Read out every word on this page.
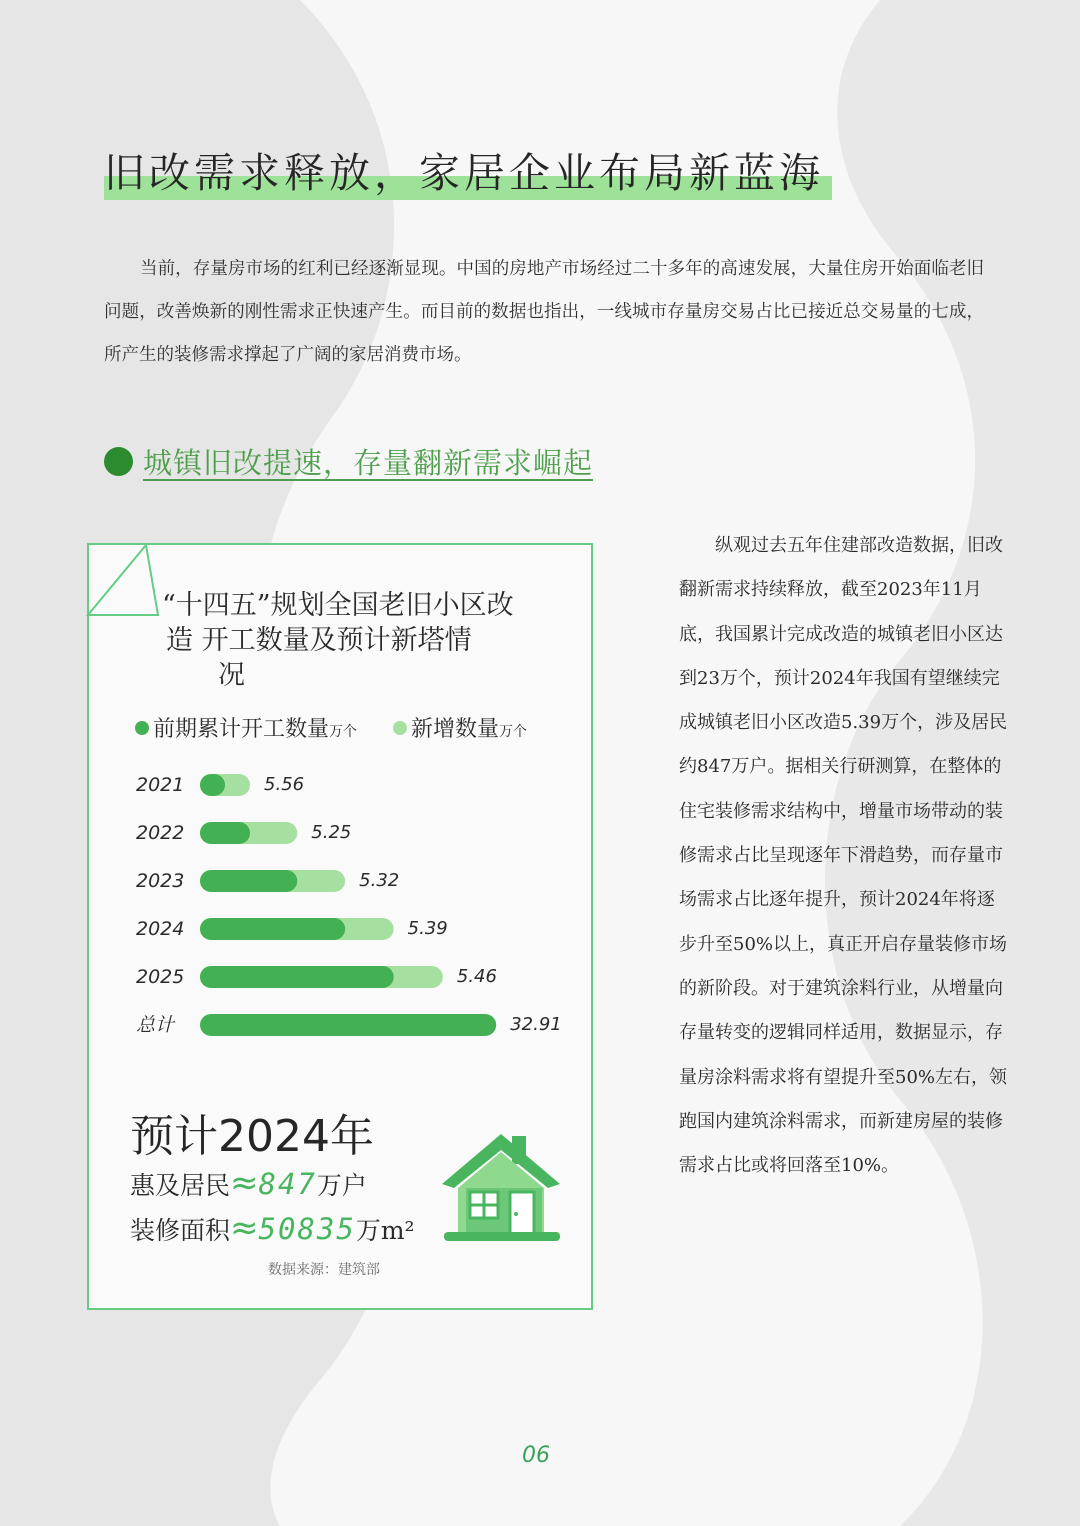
旧改需求释放，家居企业布局新蓝海

当前，存量房市场的红利已经逐渐显现。中国的房地产市场经过二十多年的高速发展，大量住房开始面临老旧问题，改善焕新的刚性需求正快速产生。而目前的数据也指出，一线城市存量房交易占比已接近总交易量的七成，所产生的装修需求撑起了广阔的家居消费市场。

城镇旧改提速，存量翻新需求崛起
“十四五”规划全国老旧小区改
造 开工数量及预计新塔情
况
前期累计开工数量 万个 新增数量 万个
2021	5.56
2022	5.25
2023	5.32
2024	5.39
2025	5.46
总计	32.91
预计2024年
惠及居民 ≈ 847 万户
装修面积 ≈ 50835 万m²
数据来源：建筑部

纵观过去五年住建部改造数据，旧改翻新需求持续释放，截至2023年11月底，我国累计完成改造的城镇老旧小区达到23万个，预计2024年我国有望继续完成城镇老旧小区改造5.39万个，涉及居民约847万户。据相关行研测算，在整体的住宅装修需求结构中，增量市场带动的装修需求占比呈现逐年下滑趋势，而存量市场需求占比逐年提升，预计2024年将逐步升至50%以上，真正开启存量装修市场的新阶段。对于建筑涂料行业，从增量向存量转变的逻辑同样适用，数据显示，存量房涂料需求将有望提升至50%左右，领跑国内建筑涂料需求，而新建房屋的装修需求占比或将回落至10%。

06
